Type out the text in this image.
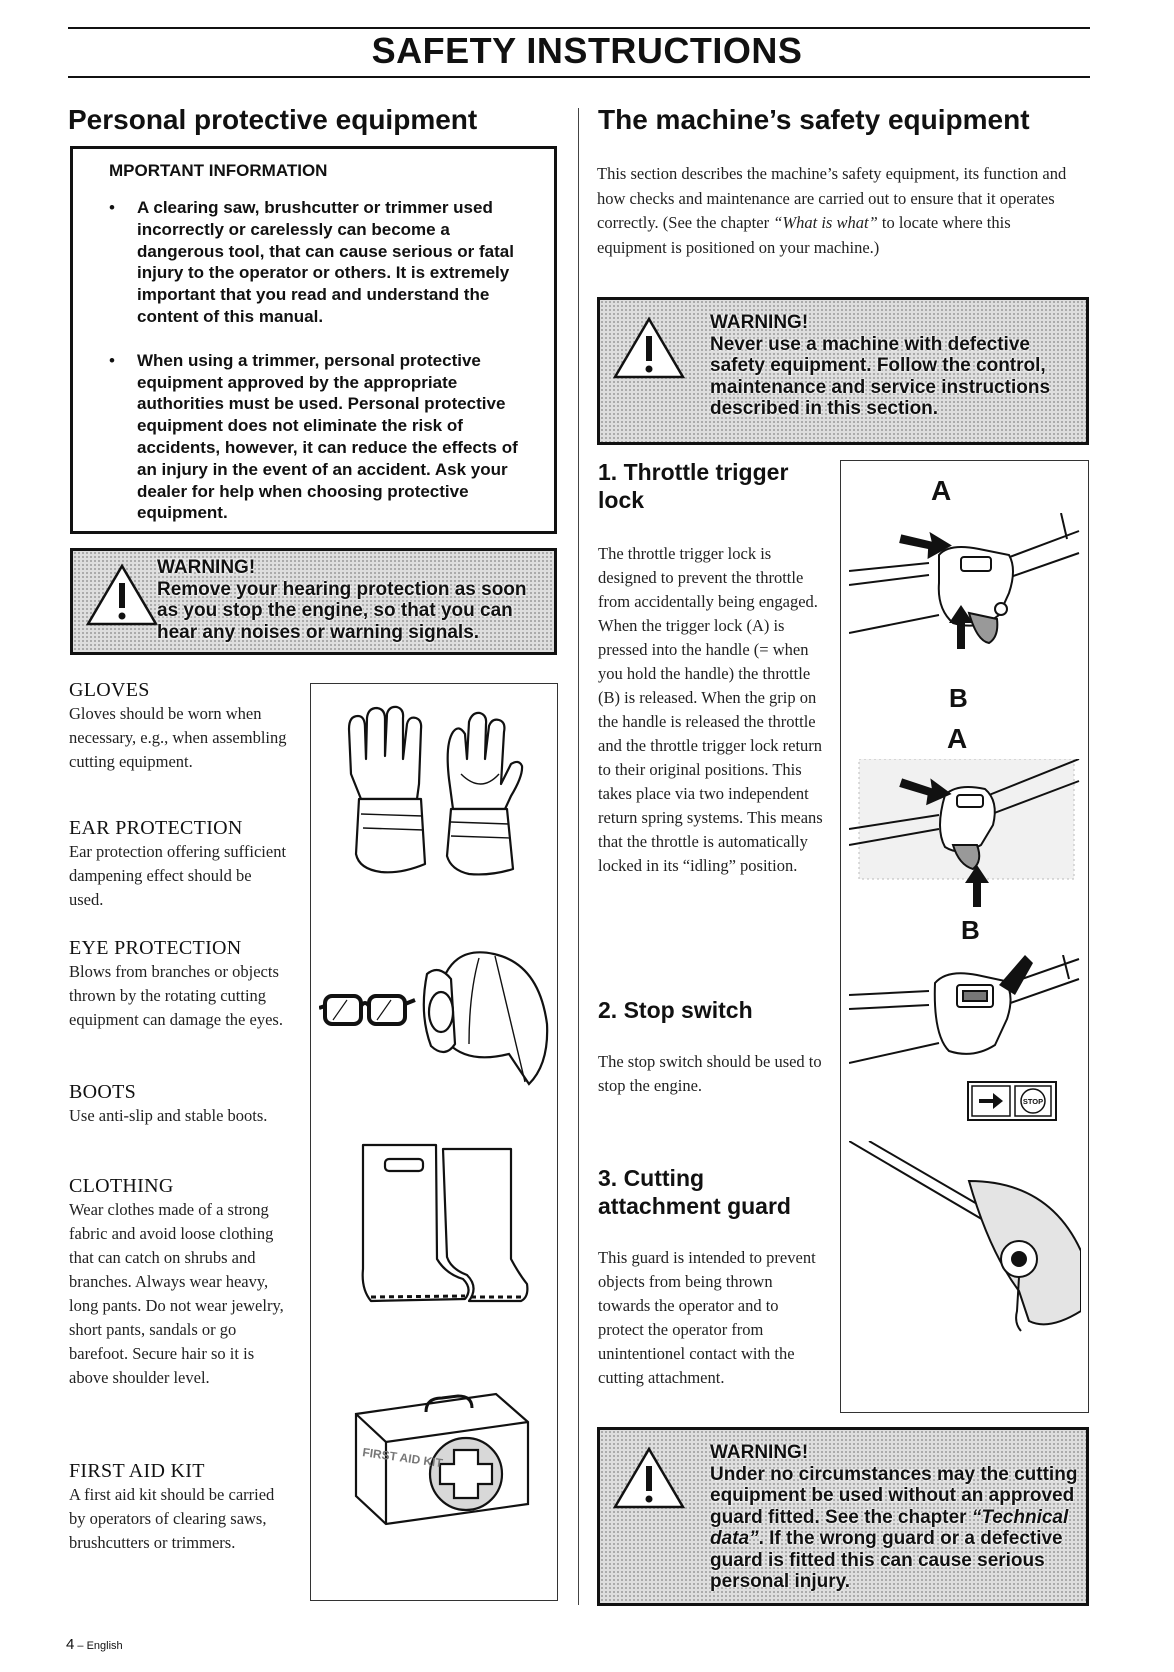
SAFETY INSTRUCTIONS
Personal protective equipment
MPORTANT INFORMATION
• A clearing saw, brushcutter or trimmer used incorrectly or carelessly can become a dangerous tool, that can cause serious or fatal injury to the operator or others. It is extremely important that you read and understand the content of this manual.
• When using a trimmer, personal protective equipment approved by the appropriate authorities must be used. Personal protective equipment does not eliminate the risk of accidents, however, it can reduce the effects of an injury in the event of an accident. Ask your dealer for help when choosing protective equipment.

WARNING!

Remove your hearing protection as soon as you stop the engine, so that you can hear any noises or warning signals.

GLOVES
Gloves should be worn when necessary, e.g., when assembling cutting equipment.
EAR PROTECTION
Ear protection offering sufficient dampening effect should be used.
EYE PROTECTION
Blows from branches or objects thrown by the rotating cutting equipment can damage the eyes.
BOOTS
Use anti-slip and stable boots.
CLOTHING
Wear clothes made of a strong fabric and avoid loose clothing that can catch on shrubs and branches. Always wear heavy, long pants. Do not wear jewelry, short pants, sandals or go barefoot. Secure hair so it is above shoulder level.
FIRST AID KIT
A first aid kit should be carried by operators of clearing saws, brushcutters or trimmers.
FIRST AID KIT
The machine’s safety equipment
This section describes the machine’s safety equipment, its function and how checks and maintenance are carried out to ensure that it operates correctly. (See the chapter “What is what” to locate where this equipment is positioned on your machine.)

WARNING!

Never use a machine with defective safety equipment. Follow the control, maintenance and service instructions described in this section.

1. Throttle trigger lock
The throttle trigger lock is designed to prevent the throttle from accidentally being engaged. When the trigger lock (A) is pressed into the handle (= when you hold the handle) the throttle (B) is released. When the grip on the handle is released the throttle and the throttle trigger lock return to their original positions. This takes place via two independent return spring systems. This means that the throttle is automatically locked in its “idling” position.
2. Stop switch
The stop switch should be used to stop the engine.
3. Cutting attachment guard
This guard is intended to prevent objects from being thrown towards the operator and to protect the operator from unintentionel contact with the cutting attachment.
A
B
A
B
STOP

WARNING!

Under no circumstances may the cutting equipment be used without an approved guard fitted. See the chapter “Technical data”. If the wrong guard or a defective guard is fitted this can cause serious personal injury.

4 – English
